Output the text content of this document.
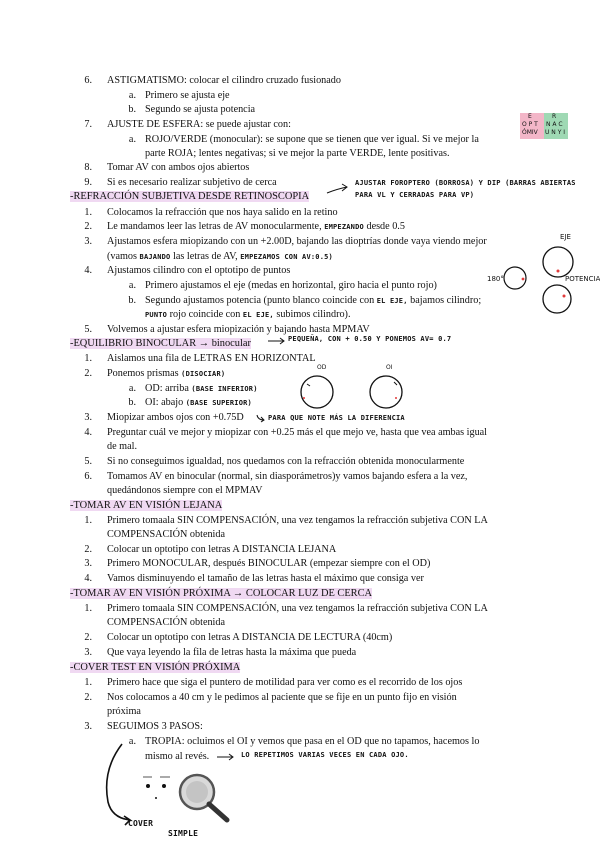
6. ASTIGMATISMO: colocar el cilindro cruzado fusionado
a. Primero se ajusta eje
b. Segundo se ajusta potencia
7. AJUSTE DE ESFERA: se puede ajustar con:
a. ROJO/VERDE (monocular): se supone que se tienen que ver igual. Si ve mejor la
parte ROJA; lentes negativas; si ve mejor la parte VERDE, lente positivas.
8. Tomar AV con ambos ojos abiertos
9. Si es necesario realizar subjetivo de cerca
E
O P T
ÓMIV
R
N A C
U N Y I
-REFRACCIÓN SUBJETIVA DESDE RETINOSCOPIA
AJUSTAR FOROPTERO (BORROSA) Y DIP (BARRAS ABIERTAS
PARA VL Y CERRADAS PARA VP)
1. Colocamos la refracción que nos haya salido en la retino
2. Le mandamos leer las letras de AV monocularmente, EMPEZANDO desde 0.5
3. Ajustamos esfera miopizando con un +2.00D, bajando las dioptrías donde vaya viendo mejor
(vamos BAJANDO las letras de AV, EMPEZAMOS CON AV:0.5)
4. Ajustamos cilindro con el optotipo de puntos
a. Primero ajustamos el eje (medas en horizontal, giro hacia el punto rojo)
b. Segundo ajustamos potencia (punto blanco coincide con EL EJE, bajamos cilindro;
PUNTO rojo coincide con EL EJE, subimos cilindro).
5. Volvemos a ajustar esfera miopización y bajando hasta MPMAV
EJE
180°	POTENCIA
-EQUILIBRIO BINOCULAR → binocular	PEQUEÑA, CON + 0.50 Y PONEMOS AV= 0.7
1. Aislamos una fila de LETRAS EN HORIZONTAL
2. Ponemos prismas (DISOCIAR)
a. OD: arriba (BASE INFERIOR)
b. OI: abajo (BASE SUPERIOR)
3. Miopizar ambos ojos con +0.75D	PARA QUE NOTE MÁS LA DIFERENCIA
4. Preguntar cuál ve mejor y miopizar con +0.25 más el que mejo ve, hasta que vea ambas igual
de mal.
5. Si no conseguimos igualdad, nos quedamos con la refracción obtenida monocularmente
6. Tomamos AV en binocular (normal, sin diasporámetros)y vamos bajando esfera a la vez,
quedándonos siempre con el MPMAV
OD	OI
-TOMAR AV EN VISIÓN LEJANA
1. Primero tomaala SIN COMPENSACIÓN, una vez tengamos la refracción subjetiva CON LA
COMPENSACIÓN obtenida
2. Colocar un optotipo con letras A DISTANCIA LEJANA
3. Primero MONOCULAR, después BINOCULAR (empezar siempre con el OD)
4. Vamos disminuyendo el tamaño de las letras hasta el máximo que consiga ver
-TOMAR AV EN VISIÓN PRÓXIMA → COLOCAR LUZ DE CERCA
1. Primero tomaala SIN COMPENSACIÓN, una vez tengamos la refracción subjetiva CON LA
COMPENSACIÓN obtenida
2. Colocar un optotipo con letras A DISTANCIA DE LECTURA (40cm)
3. Que vaya leyendo la fila de letras hasta la máxima que pueda
-COVER TEST EN VISIÓN PRÓXIMA
1. Primero hace que siga el puntero de motilidad para ver como es el recorrido de los ojos
2. Nos colocamos a 40 cm y le pedimos al paciente que se fije en un punto fijo en visión
próxima
3. SEGUIMOS 3 PASOS:
a. TROPIA: ocluimos el OI y vemos que pasa en el OD que no tapamos, hacemos lo
mismo al revés.	LO REPETIMOS VARIAS VECES EN CADA OJO.
COVER
SIMPLE
